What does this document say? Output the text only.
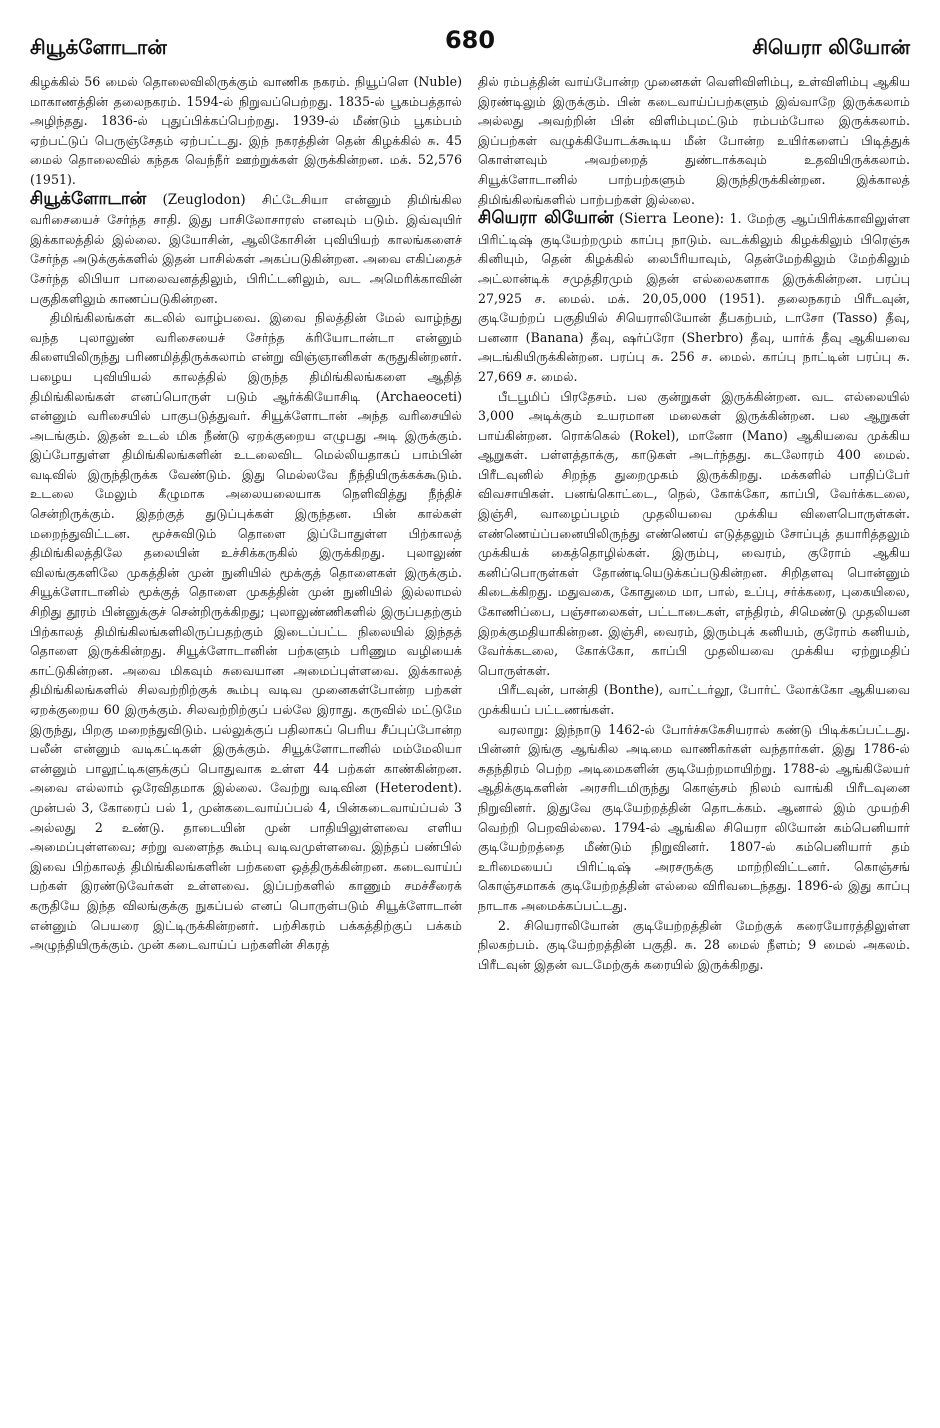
சியூக்ளோடான்	680	சியெரா லியோன்

கிழக்கில் 56 மைல் தொலைவிலிருக்கும் வாணிக நகரம். நியூப்ளெ (Nuble) மாகாணத்தின் தலைநகரம். 1594-ல் நிறுவப்பெற்றது. 1835-ல் பூகம்பத்தால் அழிந்தது. 1836-ல் புதுப்பிக்கப்பெற்றது. 1939-ல் மீண்டும் பூகம்பம் ஏற்பட்டுப் பெருஞ்சேதம் ஏற்பட்டது. இந் நகரத்தின் தென் கிழக்கில் சு. 45 மைல் தொலைவில் கந்தக வெந்நீர் ஊற்றுக்கள் இருக்கின்றன. மக். 52,576 (1951).

சியூக்ளோடான் (Zeuglodon) சிட்டேசியா என்னும் திமிங்கில வரிசையைச் சேர்ந்த சாதி. இது பாசிலோசாரஸ் எனவும் படும். இவ்வுயிர் இக்காலத்தில் இல்லை. இயோசின், ஆலிகோசின் புவியியற் காலங்களைச் சேர்ந்த அடுக்குக்களில் இதன் பாசில்கள் அகப்படுகின்றன. அவை எகிப்தைச் சேர்ந்த லிபியா பாலைவனத்திலும், பிரிட்டனிலும், வட அமெரிக்காவின் பகுதிகளிலும் காணப்படுகின்றன.

திமிங்கிலங்கள் கடலில் வாழ்பவை. இவை நிலத்தின் மேல் வாழ்ந்து வந்த புலாலுண் வரிசையைச் சேர்ந்த க்ரியோடான்டா என்னும் கிளையிலிருந்து பரிணமித்திருக்கலாம் என்று விஞ்ஞானிகள் கருதுகின்றனர். பழைய புவியியல் காலத்தில் இருந்த திமிங்கிலங்களை ஆதித் திமிங்கிலங்கள் எனப்பொருள் படும் ஆர்க்கியோசிடி (Archaeoceti) என்னும் வரிசையில் பாகுபடுத்துவர். சியூக்ளோடான் அந்த வரிசையில் அடங்கும். இதன் உடல் மிக நீண்டு ஏறக்குறைய எழுபது அடி இருக்கும். இப்போதுள்ள திமிங்கிலங்களின் உடலைவிட மெல்லியதாகப் பாம்பின் வடிவில் இருந்திருக்க வேண்டும். இது மெல்லவே நீந்தியிருக்கக்கூடும். உடலை மேலும் கீழுமாக அலையலையாக நெளிவித்து நீந்திச் சென்றிருக்கும். இதற்குத் துடுப்புக்கள் இருந்தன. பின் கால்கள் மறைந்துவிட்டன. மூச்சுவிடும் தொளை இப்போதுள்ள பிற்காலத் திமிங்கிலத்திலே தலையின் உச்சிக்கருகில் இருக்கிறது. புலாலுண் விலங்குகளிலே முகத்தின் முன் நுனியில் மூக்குத் தொளைகள் இருக்கும். சியூக்ளோடானில் மூக்குத் தொளை முகத்தின் முன் நுனியில் இல்லாமல் சிறிது தூரம் பின்னுக்குச் சென்றிருக்கிறது; புலாலுண்ணிகளில் இருப்பதற்கும் பிற்காலத் திமிங்கிலங்களிலிருப்பதற்கும் இடைப்பட்ட நிலையில் இந்தத் தொளை இருக்கின்றது. சியூக்ளோடானின் பற்களும் பரிணும வழியைக் காட்டுகின்றன. அவை மிகவும் சுவையான அமைப்புள்ளவை. இக்காலத் திமிங்கிலங்களில் சிலவற்றிற்குக் கூம்பு வடிவ முனைகள்போன்ற பற்கள் ஏறக்குறைய 60 இருக்கும். சிலவற்றிற்குப் பல்லே இராது. கருவில் மட்டுமே இருந்து, பிறகு மறைந்துவிடும். பல்லுக்குப் பதிலாகப் பெரிய சீப்புப்போன்ற பலீன் என்னும் வடிகட்டிகள் இருக்கும். சியூக்ளோடானில் மம்மேலியா என்னும் பாலூட்டிகளுக்குப் பொதுவாக உள்ள 44 பற்கள் காண்கின்றன. அவை எல்லாம் ஒரேவிதமாக இல்லை. வேற்று வடிவின (Heterodent). முன்பல் 3, கோரைப் பல் 1, முன்கடைவாய்ப்பல் 4, பின்கடைவாய்ப்பல் 3 அல்லது 2 உண்டு. தாடையின் முன் பாதியிலுள்ளவை எளிய அமைப்புள்ளவை; சற்று வளைந்த கூம்பு வடிவமுள்ளவை. இந்தப் பண்பில் இவை பிற்காலத் திமிங்கிலங்களின் பற்களை ஒத்திருக்கின்றன. கடைவாய்ப் பற்கள் இரண்டுவேர்கள் உள்ளவை. இப்பற்களில் காணும் சமச்சீரைக் கருதியே இந்த விலங்குக்கு நுகப்பல் எனப் பொருள்படும் சியூக்ளோடான் என்னும் பெயரை இட்டிருக்கின்றனர். பற்சிகரம் பக்கத்திற்குப் பக்கம் அழுந்தியிருக்கும். முன் கடைவாய்ப் பற்களின் சிகரத்

தில் ரம்பத்தின் வாய்போன்ற முனைகள் வெளிவிளிம்பு, உள்விளிம்பு ஆகிய இரண்டிலும் இருக்கும். பின் கடைவாய்ப்பற்களும் இவ்வாறே இருக்கலாம் அல்லது அவற்றின் பின் விளிம்புமட்டும் ரம்பம்போல இருக்கலாம். இப்பற்கள் வழுக்கியோடக்கூடிய மீன் போன்ற உயிர்களைப் பிடித்துக் கொள்ளவும் அவற்றைத் துண்டாக்கவும் உதவியிருக்கலாம். சியூக்ளோடானில் பாற்பற்களும் இருந்திருக்கின்றன. இக்காலத் திமிங்கிலங்களில் பாற்பற்கள் இல்லை.

சியெரா லியோன் (Sierra Leone): 1. மேற்கு ஆப்பிரிக்காவிலுள்ள பிரிட்டிஷ் குடியேற்றமும் காப்பு நாடும். வடக்கிலும் கிழக்கிலும் பிரெஞ்சு கினியும், தென் கிழக்கில் லைபீரியாவும், தென்மேற்கிலும் மேற்கிலும் அட்லான்டிக் சமுத்திரமும் இதன் எல்லைகளாக இருக்கின்றன. பரப்பு 27,925 ச. மைல். மக். 20,05,000 (1951). தலைநகரம் பிரீடவுன், குடியேற்றப் பகுதியில் சியெராலியோன் தீபகற்பம், டாசோ (Tasso) தீவு, பனனா (Banana) தீவு, ஷர்ப்ரோ (Sherbro) தீவு, யார்க் தீவு ஆகியவை அடங்கியிருக்கின்றன. பரப்பு சு. 256 ச. மைல். காப்பு நாட்டின் பரப்பு சு. 27,669 ச. மைல்.

பீடபூமிப் பிரதேசம். பல குன்றுகள் இருக்கின்றன. வட எல்லையில் 3,000 அடிக்கும் உயரமான மலைகள் இருக்கின்றன. பல ஆறுகள் பாய்கின்றன. ரொக்கெல் (Rokel), மானோ (Mano) ஆகியவை முக்கிய ஆறுகள். பள்ளத்தாக்கு, காடுகள் அடர்ந்தது. கடலோரம் 400 மைல். பிரீடவுனில் சிறந்த துறைமுகம் இருக்கிறது. மக்களில் பாதிப்பேர் விவசாயிகள். பனங்கொட்டை, நெல், கோக்கோ, காப்பி, வேர்க்கடலை, இஞ்சி, வாழைப்பழம் முதலியவை முக்கிய விளைபொருள்கள். எண்ணெய்ப்பனையிலிருந்து எண்ணெய் எடுத்தலும் சோப்புத் தயாரித்தலும் முக்கியக் கைத்தொழில்கள். இரும்பு, வைரம், குரோம் ஆகிய கனிப்பொருள்கள் தோண்டியெடுக்கப்படுகின்றன. சிறிதளவு பொன்னும் கிடைக்கிறது. மதுவகை, கோதுமை மா, பால், உப்பு, சர்க்கரை, புகையிலை, கோணிப்பை, பஞ்சாலைகள், பட்டாடைகள், எந்திரம், சிமெண்டு முதலியன இறக்குமதியாகின்றன. இஞ்சி, வைரம், இரும்புக் கனியம், குரோம் கனியம், வேர்க்கடலை, கோக்கோ, காப்பி முதலியவை முக்கிய ஏற்றுமதிப் பொருள்கள்.

பிரீடவுன், பான்தி (Bonthe), வாட்டர்லூ, போர்ட் லோக்கோ ஆகியவை முக்கியப் பட்டணங்கள்.

வரலாறு: இந்நாடு 1462-ல் போர்ச்சுகேசியரால் கண்டு பிடிக்கப்பட்டது. பின்னர் இங்கு ஆங்கில அடிமை வாணிகர்கள் வந்தார்கள். இது 1786-ல் சுதந்திரம் பெற்ற அடிமைகளின் குடியேற்றமாயிற்று. 1788-ல் ஆங்கிலேயர் ஆதிக்குடிகளின் அரசரிடமிருந்து கொஞ்சம் நிலம் வாங்கி பிரீடவுனை நிறுவினர். இதுவே குடியேற்றத்தின் தொடக்கம். ஆனால் இம் முயற்சி வெற்றி பெறவில்லை. 1794-ல் ஆங்கில சியெரா லியோன் கம்பெனியார் குடியேற்றத்தை மீண்டும் நிறுவினர். 1807-ல் கம்பெனியார் தம் உரிமையைப் பிரிட்டிஷ் அரசருக்கு மாற்றிவிட்டனர். கொஞ்சங் கொஞ்சமாகக் குடியேற்றத்தின் எல்லை விரிவடைந்தது. 1896-ல் இது காப்பு நாடாக அமைக்கப்பட்டது.

2. சியெராலியோன் குடியேற்றத்தின் மேற்குக் கரையோரத்திலுள்ள நிலகற்பம். குடியேற்றத்தின் பகுதி. சு. 28 மைல் நீளம்; 9 மைல் அகலம். பிரீடவுன் இதன் வடமேற்குக் கரையில் இருக்கிறது.
